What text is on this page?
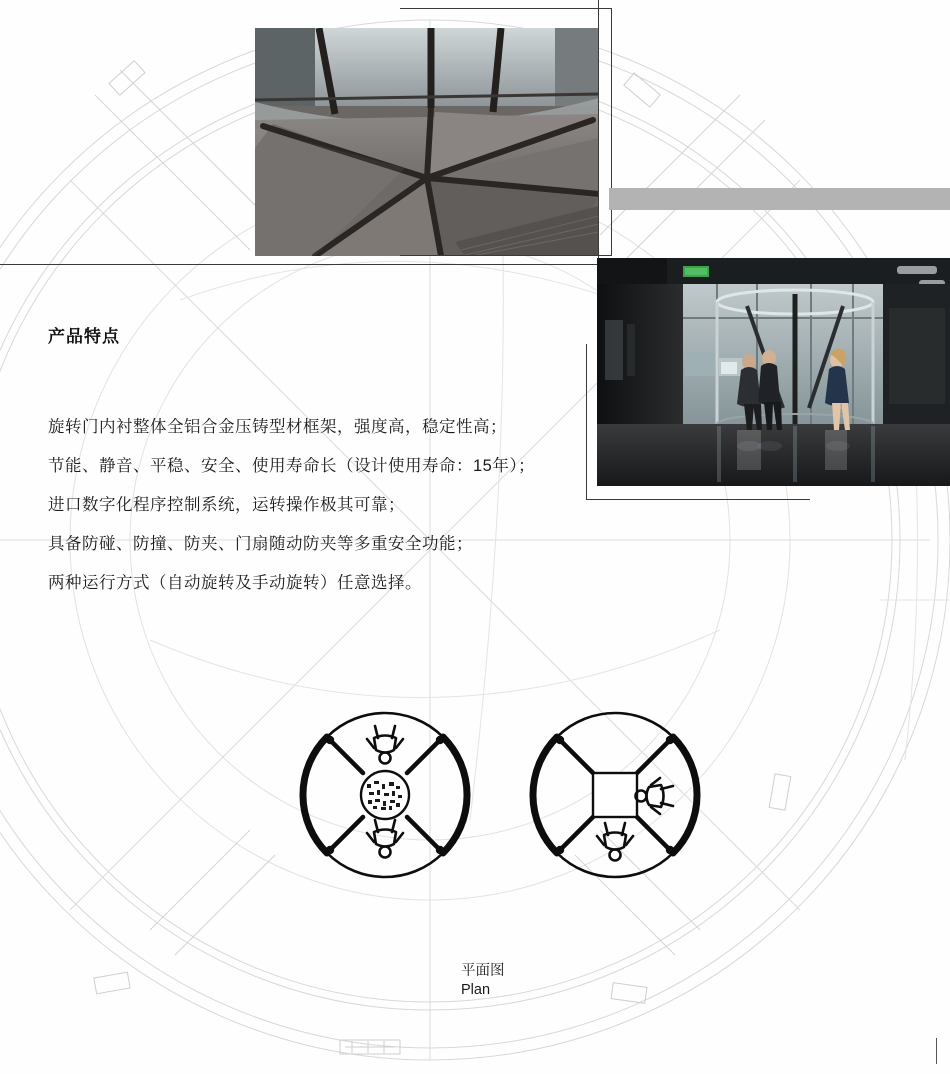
产品特点
旋转门内衬整体全铝合金压铸型材框架，强度高，稳定性高；
节能、静音、平稳、安全、使用寿命长（设计使用寿命：15年）；
进口数字化程序控制系统，运转操作极其可靠；
具备防碰、防撞、防夹、门扇随动防夹等多重安全功能；
两种运行方式（自动旋转及手动旋转）任意选择。
平面图
Plan
